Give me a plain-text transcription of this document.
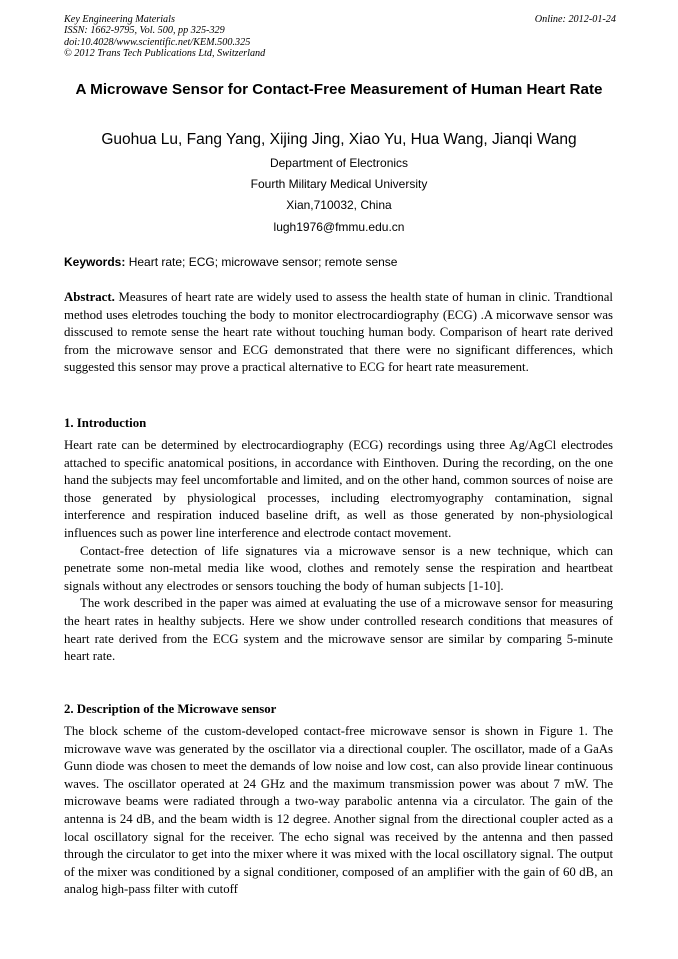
Key Engineering Materials
ISSN: 1662-9795, Vol. 500, pp 325-329
doi:10.4028/www.scientific.net/KEM.500.325
© 2012 Trans Tech Publications Ltd, Switzerland
Online: 2012-01-24
A Microwave Sensor for Contact-Free Measurement of Human Heart Rate
Guohua Lu, Fang Yang, Xijing Jing, Xiao Yu, Hua Wang, Jianqi Wang
Department of Electronics
Fourth Military Medical University
Xian,710032, China
lugh1976@fmmu.edu.cn
Keywords: Heart rate; ECG; microwave sensor; remote sense

Abstract. Measures of heart rate are widely used to assess the health state of human in clinic. Trandtional method uses eletrodes touching the body to monitor electrocardiography (ECG) .A micorwave sensor was disscused to remote sense the heart rate without touching human body. Comparison of heart rate derived from the microwave sensor and ECG demonstrated that there were no significant differences, which suggested this sensor may prove a practical alternative to ECG for heart rate measurement.

1. Introduction

Heart rate can be determined by electrocardiography (ECG) recordings using three Ag/AgCl electrodes attached to specific anatomical positions, in accordance with Einthoven. During the recording, on the one hand the subjects may feel uncomfortable and limited, and on the other hand, common sources of noise are those generated by physiological processes, including electromyography contamination, signal interference and respiration induced baseline drift, as well as those generated by non-physiological influences such as power line interference and electrode contact movement.

Contact-free detection of life signatures via a microwave sensor is a new technique, which can penetrate some non-metal media like wood, clothes and remotely sense the respiration and heartbeat signals without any electrodes or sensors touching the body of human subjects [1-10].

The work described in the paper was aimed at evaluating the use of a microwave sensor for measuring the heart rates in healthy subjects. Here we show under controlled research conditions that measures of heart rate derived from the ECG system and the microwave sensor are similar by comparing 5-minute heart rate.

2. Description of the Microwave sensor

The block scheme of the custom-developed contact-free microwave sensor is shown in Figure 1. The microwave wave was generated by the oscillator via a directional coupler. The oscillator, made of a GaAs Gunn diode was chosen to meet the demands of low noise and low cost, can also provide linear continuous waves. The oscillator operated at 24 GHz and the maximum transmission power was about 7 mW. The microwave beams were radiated through a two-way parabolic antenna via a circulator. The gain of the antenna is 24 dB, and the beam width is 12 degree. Another signal from the directional coupler acted as a local oscillatory signal for the receiver. The echo signal was received by the antenna and then passed through the circulator to get into the mixer where it was mixed with the local oscillatory signal. The output of the mixer was conditioned by a signal conditioner, composed of an amplifier with the gain of 60 dB, an analog high-pass filter with cutoff
